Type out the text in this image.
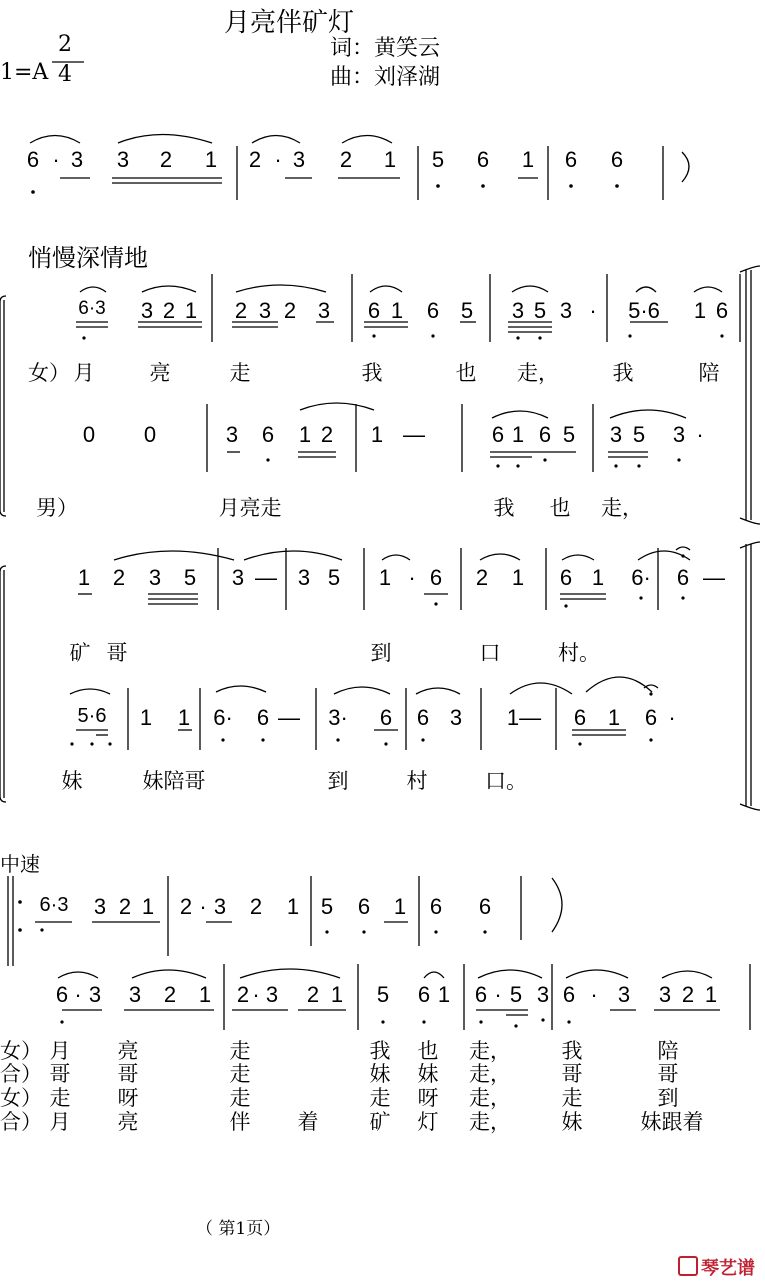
月亮伴矿灯
词：黄笑云
曲：刘泽湖
1=A
2
4
悄慢深情地
中速
6 · 3 3 2 1 2 · 3 2 1 5 6 1 6 6
6·3 3 2 1 2 3 2 3 6 1 6 5 3 5 3 · 5·6 1 6
女） 月	亮	走	我	也 走，	我	陪
0 0	3 6 1 2 1 —	6 1 6 5 3 5 3 ·
男）	月亮走	我 也 走，
1 2 3 5 3 — 3 5 1 · 6 2 1 6 1 6· 6 —
矿 哥	到	口	村。
5·6 1 1 6· 6 — 3· 6 6 3 1— 6 1 6 ·
妹	妹陪哥	到	村	口。
6·3 3 2 1 2 · 3 2 1 5 6 1 6 6
6 · 3 3 2 1 2 · 3 2 1 5 6 1 6 · 5 3 6 · 3 3 2 1
女） 月 亮	走	我 也 走， 我	陪
合） 哥 哥	走	妹 妹 走， 哥	哥
女） 走 呀	走	走 呀 走， 走	到
合） 月 亮	伴 着 矿 灯 走， 妹	妹跟着
（ 第1页）
琴艺谱
